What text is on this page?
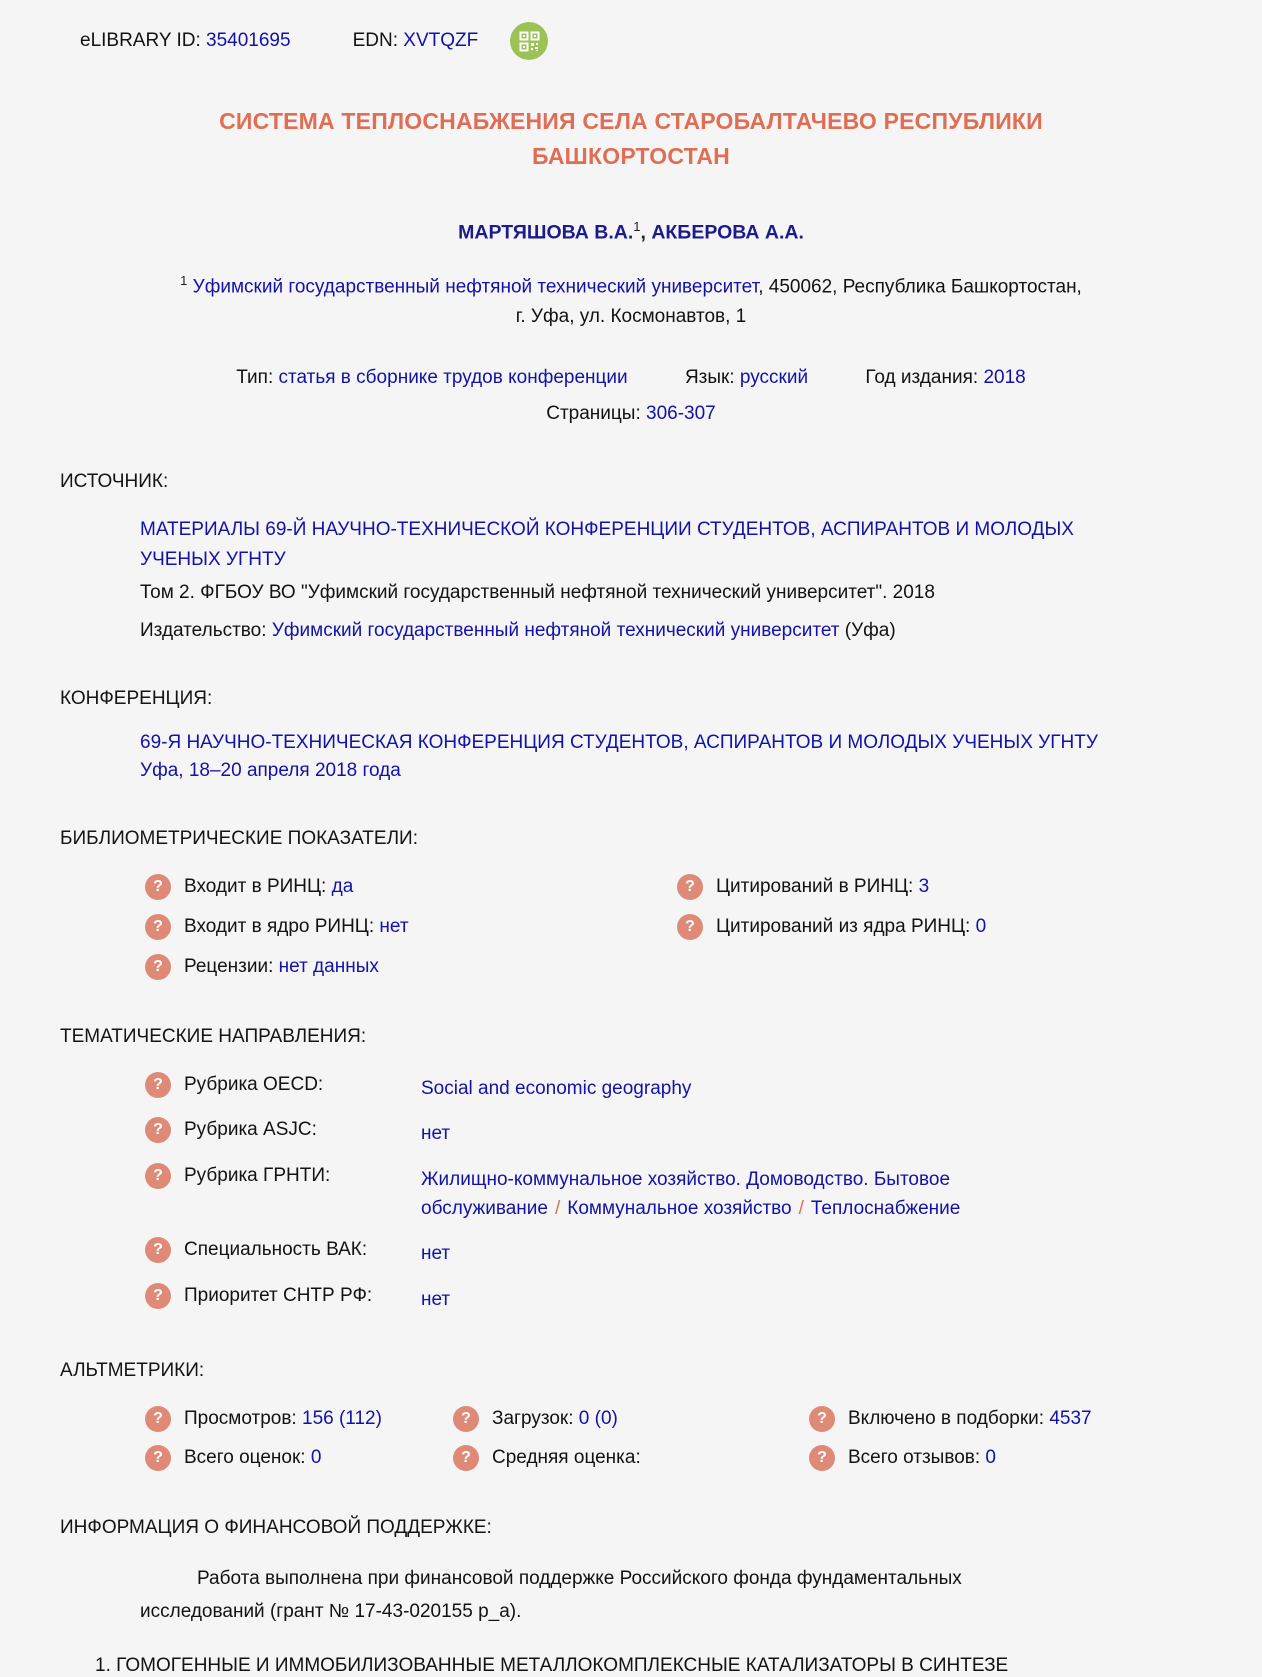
eLIBRARY ID: 35401695	EDN: XVTQZF
СИСТЕМА ТЕПЛОСНАБЖЕНИЯ СЕЛА СТАРОБАЛТАЧЕВО РЕСПУБЛИКИ БАШКОРТОСТАН
МАРТЯШОВА В.А.$^1$, АКБЕРОВА А.А.
$^1$ Уфимский государственный нефтяной технический университет, 450062, Республика Башкортостан,
г. Уфа, ул. Космонавтов, 1
Тип: статья в сборнике трудов конференции	Язык: русский	Год издания: 2018
Страницы: 306-307
ИСТОЧНИК:
МАТЕРИАЛЫ 69-Й НАУЧНО-ТЕХНИЧЕСКОЙ КОНФЕРЕНЦИИ СТУДЕНТОВ, АСПИРАНТОВ И МОЛОДЫХ УЧЕНЫХ УГНТУ
Том 2. ФГБОУ ВО "Уфимский государственный нефтяной технический университет". 2018
Издательство: Уфимский государственный нефтяной технический университет (Уфа)
КОНФЕРЕНЦИЯ:
69-Я НАУЧНО-ТЕХНИЧЕСКАЯ КОНФЕРЕНЦИЯ СТУДЕНТОВ, АСПИРАНТОВ И МОЛОДЫХ УЧЕНЫХ УГНТУ
Уфа, 18–20 апреля 2018 года
БИБЛИОМЕТРИЧЕСКИЕ ПОКАЗАТЕЛИ:
?	Входит в РИНЦ: да	?	Цитирований в РИНЦ: 3
?	Входит в ядро РИНЦ: нет	?	Цитирований из ядра РИНЦ: 0
?	Рецензии: нет данных
ТЕМАТИЧЕСКИЕ НАПРАВЛЕНИЯ:
?	Рубрика OECD:	Social and economic geography
?	Рубрика ASJC:	нет
?	Рубрика ГРНТИ:	Жилищно-коммунальное хозяйство. Домоводство. Бытовое обслуживание / Коммунальное хозяйство / Теплоснабжение
?	Специальность ВАК:	нет
?	Приоритет СНТР РФ:	нет
АЛЬТМЕТРИКИ:
?	Просмотров: 156 (112)	?	Загрузок: 0 (0)	?	Включено в подборки: 4537
?	Всего оценок: 0	?	Средняя оценка:	?	Всего отзывов: 0
ИНФОРМАЦИЯ О ФИНАНСОВОЙ ПОДДЕРЖКЕ:

Работа выполнена при финансовой поддержке Российского фонда фундаментальных исследований (грант № 17-43-020155 р_а).

1. ГОМОГЕННЫЕ И ИММОБИЛИЗОВАННЫЕ МЕТАЛЛОКОМПЛЕКСНЫЕ КАТАЛИЗАТОРЫ В СИНТЕЗЕ
